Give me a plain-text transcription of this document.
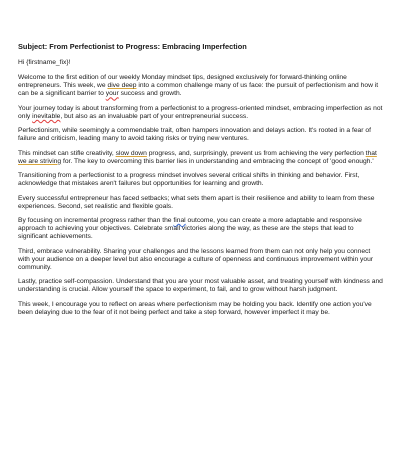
Subject: From Perfectionist to Progress: Embracing Imperfection
Hi {firstname_fix}!

Welcome to the first edition of our weekly Monday mindset tips, designed exclusively for forward-thinking online entrepreneurs. This week, we dive deep into a common challenge many of us face: the pursuit of perfectionism and how it can be a significant barrier to your success and growth.

Your journey today is about transforming from a perfectionist to a progress-oriented mindset, embracing imperfection as not only inevitable, but also as an invaluable part of your entrepreneurial success.

Perfectionism, while seemingly a commendable trait, often hampers innovation and delays action. It's rooted in a fear of failure and criticism, leading many to avoid taking risks or trying new ventures.

This mindset can stifle creativity, slow down progress, and, surprisingly, prevent us from achieving the very perfection that we are striving for. The key to overcoming this barrier lies in understanding and embracing the concept of 'good enough.'

Transitioning from a perfectionist to a progress mindset involves several critical shifts in thinking and behavior. First, acknowledge that mistakes aren't failures but opportunities for learning and growth.

Every successful entrepreneur has faced setbacks; what sets them apart is their resilience and ability to learn from these experiences. Second, set realistic and flexible goals.

By focusing on incremental progress rather than the final outcome, you can create a more adaptable and responsive approach to achieving your objectives. Celebrate small victories along the way, as these are the steps that lead to significant achievements.

Third, embrace vulnerability. Sharing your challenges and the lessons learned from them can not only help you connect with your audience on a deeper level but also encourage a culture of openness and continuous improvement within your community.

Lastly, practice self-compassion. Understand that you are your most valuable asset, and treating yourself with kindness and understanding is crucial. Allow yourself the space to experiment, to fail, and to grow without harsh judgment.

This week, I encourage you to reflect on areas where perfectionism may be holding you back. Identify one action you've been delaying due to the fear of it not being perfect and take a step forward, however imperfect it may be.
